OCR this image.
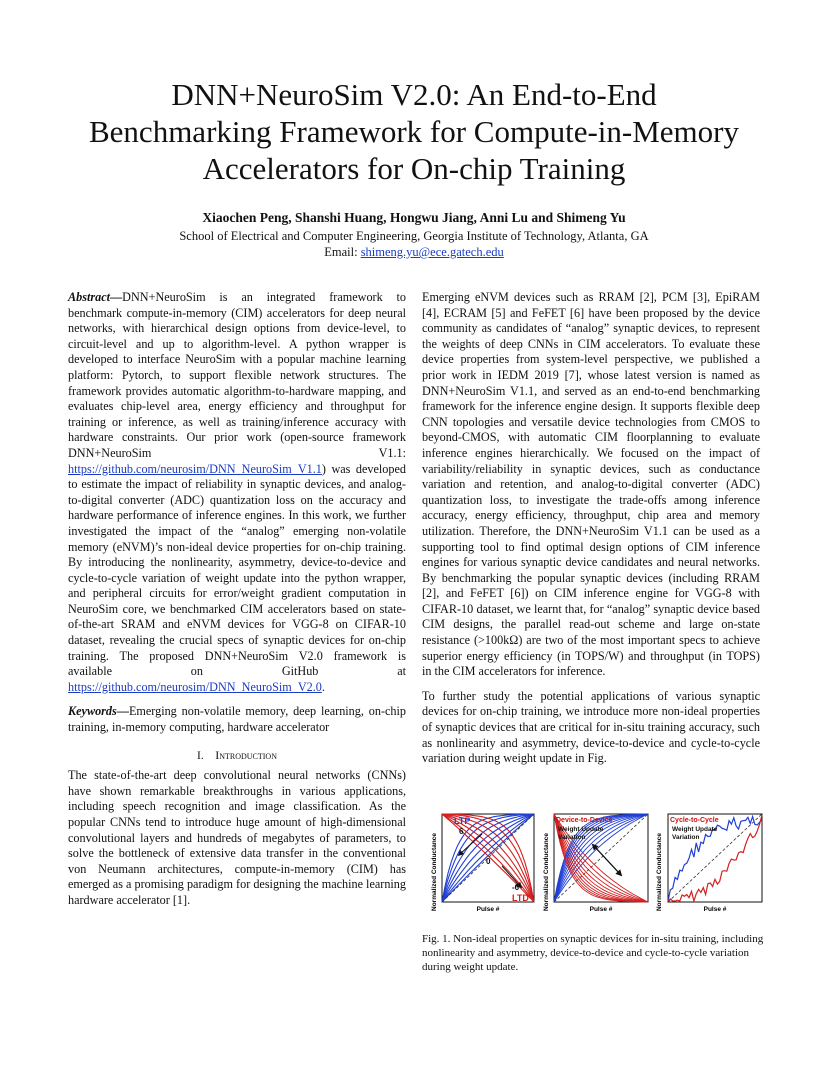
DNN+NeuroSim V2.0: An End-to-End
Benchmarking Framework for Compute-in-Memory
Accelerators for On-chip Training
Xiaochen Peng, Shanshi Huang, Hongwu Jiang, Anni Lu and Shimeng Yu
School of Electrical and Computer Engineering, Georgia Institute of Technology, Atlanta, GA
Email: shimeng.yu@ece.gatech.edu

Abstract—DNN+NeuroSim is an integrated framework to benchmark compute-in-memory (CIM) accelerators for deep neural networks, with hierarchical design options from device-level, to circuit-level and up to algorithm-level. A python wrapper is developed to interface NeuroSim with a popular machine learning platform: Pytorch, to support flexible network structures. The framework provides automatic algorithm-to-hardware mapping, and evaluates chip-level area, energy efficiency and throughput for training or inference, as well as training/inference accuracy with hardware constraints. Our prior work (open-source framework DNN+NeuroSim V1.1: https://github.com/neurosim/DNN_NeuroSim_V1.1) was developed to estimate the impact of reliability in synaptic devices, and analog-to-digital converter (ADC) quantization loss on the accuracy and hardware performance of inference engines. In this work, we further investigated the impact of the “analog” emerging non-volatile memory (eNVM)’s non-ideal device properties for on-chip training. By introducing the nonlinearity, asymmetry, device-to-device and cycle-to-cycle variation of weight update into the python wrapper, and peripheral circuits for error/weight gradient computation in NeuroSim core, we benchmarked CIM accelerators based on state-of-the-art SRAM and eNVM devices for VGG-8 on CIFAR-10 dataset, revealing the crucial specs of synaptic devices for on-chip training. The proposed DNN+NeuroSim V2.0 framework is available on GitHub at https://github.com/neurosim/DNN_NeuroSim_V2.0.

Keywords—Emerging non-volatile memory, deep learning, on-chip training, in-memory computing, hardware accelerator

I. Introduction

The state-of-the-art deep convolutional neural networks (CNNs) have shown remarkable breakthroughs in various applications, including speech recognition and image classification. As the popular CNNs tend to introduce huge amount of high-dimensional convolutional layers and hundreds of megabytes of parameters, to solve the bottleneck of extensive data transfer in the conventional von Neumann architectures, compute-in-memory (CIM) has emerged as a promising paradigm for designing the machine learning hardware accelerator [1].

Emerging eNVM devices such as RRAM [2], PCM [3], EpiRAM [4], ECRAM [5] and FeFET [6] have been proposed by the device community as candidates of “analog” synaptic devices, to represent the weights of deep CNNs in CIM accelerators. To evaluate these device properties from system-level perspective, we published a prior work in IEDM 2019 [7], whose latest version is named as DNN+NeuroSim V1.1, and served as an end-to-end benchmarking framework for the inference engine design. It supports flexible deep CNN topologies and versatile device technologies from CMOS to beyond-CMOS, with automatic CIM floorplanning to evaluate inference engines hierarchically. We focused on the impact of variability/reliability in synaptic devices, such as conductance variation and retention, and analog-to-digital converter (ADC) quantization loss, to investigate the trade-offs among inference accuracy, energy efficiency, throughput, chip area and memory utilization. Therefore, the DNN+NeuroSim V1.1 can be used as a supporting tool to find optimal design options of CIM inference engines for various synaptic device candidates and neural networks. By benchmarking the popular synaptic devices (including RRAM [2], and FeFET [6]) on CIM inference engine for VGG-8 with CIFAR-10 dataset, we learnt that, for “analog” synaptic device based CIM designs, the parallel read-out scheme and large on-state resistance (>100kΩ) are two of the most important specs to achieve superior energy efficiency (in TOPS/W) and throughput (in TOPS) in the CIM accelerators for inference.

To further study the potential applications of various synaptic devices for on-chip training, we introduce more non-ideal properties of synaptic devices that are critical for in-situ training accuracy, such as nonlinearity and asymmetry, device-to-device and cycle-to-cycle variation during weight update in Fig.

Normalized Conductance
LTP
6
0
-6
LTD
Pulse #	Normalized Conductance
Device-to-Device
Weight Update
Variation
Pulse #	Normalized Conductance
Cycle-to-Cycle
Weight Update
Variation
Pulse #
Fig. 1. Non-ideal properties on synaptic devices for in-situ training, including nonlinearity and asymmetry, device-to-device and cycle-to-cycle variation during weight update.
